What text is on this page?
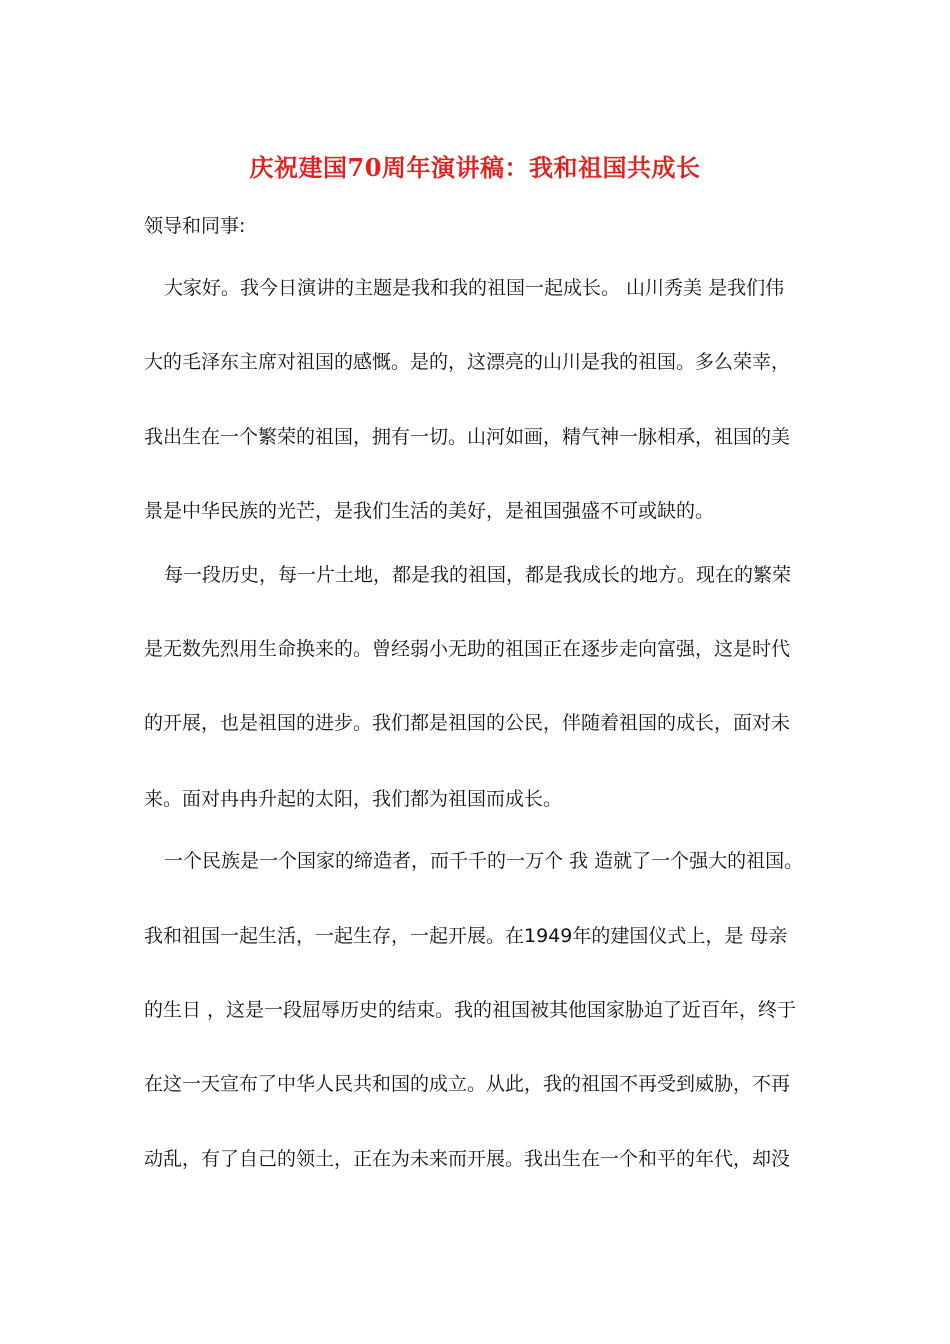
庆祝建国70周年演讲稿：我和祖国共成长
领导和同事:
大家好。我今日演讲的主题是我和我的祖国一起成长。 山川秀美 是我们伟
大的毛泽东主席对祖国的感慨。是的，这漂亮的山川是我的祖国。多么荣幸，
我出生在一个繁荣的祖国，拥有一切。山河如画，精气神一脉相承，祖国的美
景是中华民族的光芒，是我们生活的美好，是祖国强盛不可或缺的。
每一段历史，每一片土地，都是我的祖国，都是我成长的地方。现在的繁荣
是无数先烈用生命换来的。曾经弱小无助的祖国正在逐步走向富强，这是时代
的开展，也是祖国的进步。我们都是祖国的公民，伴随着祖国的成长，面对未
来。面对冉冉升起的太阳，我们都为祖国而成长。
一个民族是一个国家的缔造者，而千千的一万个 我 造就了一个强大的祖国。
我和祖国一起生活，一起生存，一起开展。在1949年的建国仪式上，是 母亲
的生日 ，这是一段屈辱历史的结束。我的祖国被其他国家胁迫了近百年，终于
在这一天宣布了中华人民共和国的成立。从此，我的祖国不再受到威胁，不再
动乱，有了自己的领土，正在为未来而开展。我出生在一个和平的年代，却没
